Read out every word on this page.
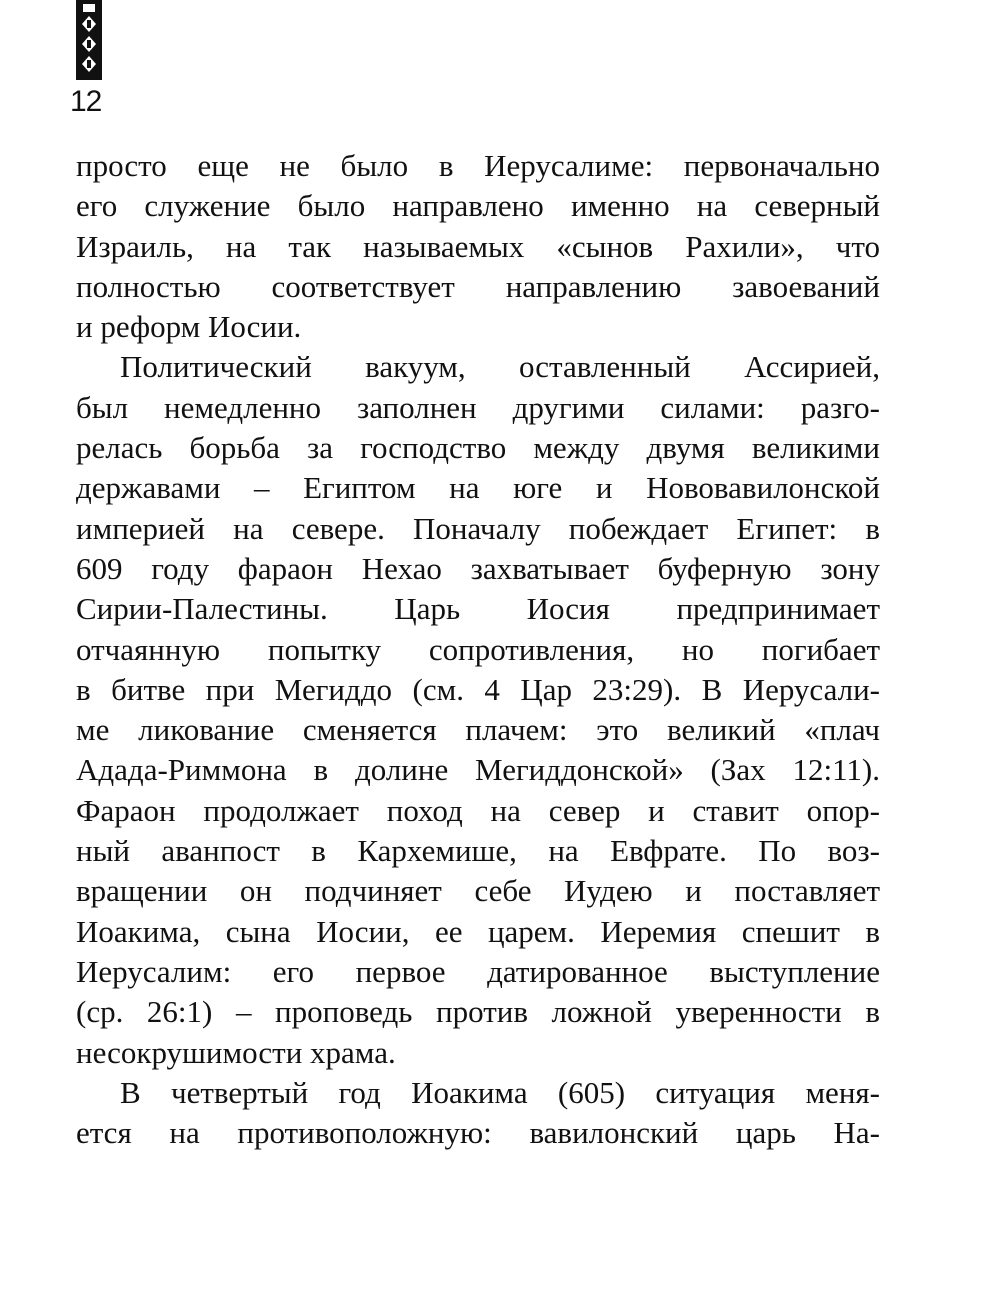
12
просто еще не было в Иерусалиме: первоначально
его служение было направлено именно на северный
Израиль, на так называемых «сынов Рахили», что
полностью соответствует направлению завоеваний
и реформ Иосии.
Политический вакуум, оставленный Ассирией,
был немедленно заполнен другими силами: разго-
релась борьба за господство между двумя великими
державами – Египтом на юге и Нововавилонской
империей на севере. Поначалу побеждает Египет: в
609 году фараон Нехао захватывает буферную зону
Сирии-Палестины. Царь Иосия предпринимает
отчаянную попытку сопротивления, но погибает
в битве при Мегиддо (см. 4 Цар 23:29). В Иерусали-
ме ликование сменяется плачем: это великий «плач
Адада-Риммона в долине Мегиддонской» (Зах 12:11).
Фараон продолжает поход на север и ставит опор-
ный аванпост в Кархемише, на Евфрате. По воз-
вращении он подчиняет себе Иудею и поставляет
Иоакима, сына Иосии, ее царем. Иеремия спешит в
Иерусалим: его первое датированное выступление
(ср. 26:1) – проповедь против ложной уверенности в
несокрушимости храма.
В четвертый год Иоакима (605) ситуация меня-
ется на противоположную: вавилонский царь На-
